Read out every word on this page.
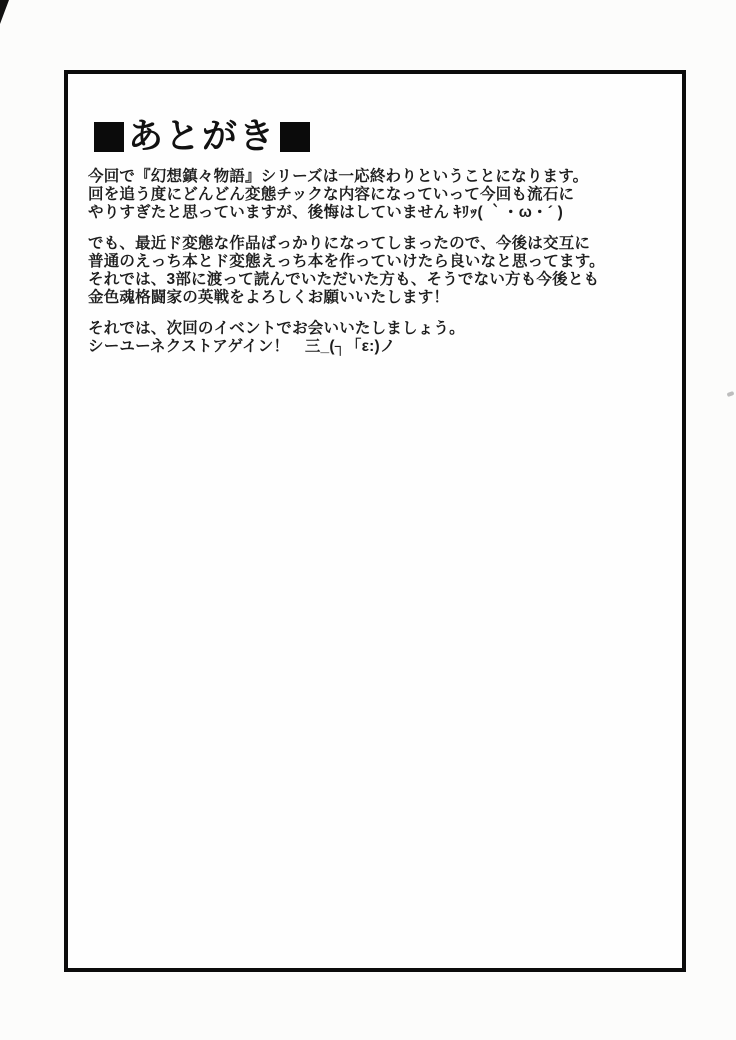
あとがき

今回で『幻想鎮々物語』シリーズは一応終わりということになります。
回を追う度にどんどん変態チックな内容になっていって今回も流石に
やりすぎたと思っていますが、後悔はしていません ｷﾘｯ( ｀・ω・´ )

でも、最近ド変態な作品ばっかりになってしまったので、今後は交互に
普通のえっち本とド変態えっち本を作っていけたら良いなと思ってます。
それでは、3部に渡って読んでいただいた方も、そうでない方も今後とも
金色魂格闘家の英戦をよろしくお願いいたします！

それでは、次回のイベントでお会いいたしましょう。
シーユーネクストアゲイン！　三_(┐「ε:)ノ
